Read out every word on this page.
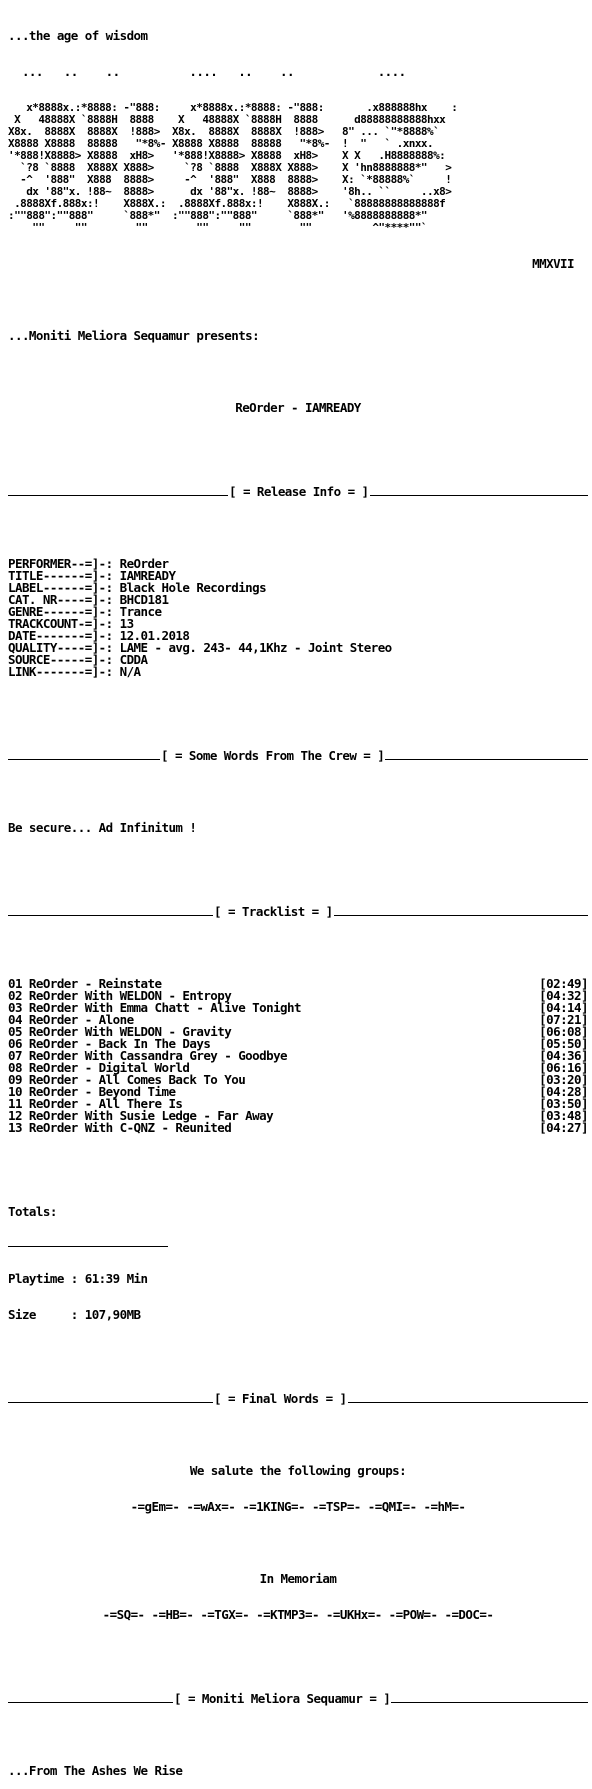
...the age of wisdom

...   ..    ..          ....   ..    ..            ....

x*8888x.:*8888: -"888:     x*8888x.:*8888: -"888:       .x888888hx    :
X   48888X `8888H  8888    X   48888X `8888H  8888      d88888888888hxx
X8x.  8888X  8888X  !888>  X8x.  8888X  8888X  !888>   8" ... `"*8888%`
X8888 X8888  88888   "*8%- X8888 X8888  88888   "*8%-  !  "   ` .xnxx.
'*888!X8888> X8888  xH8>   '*888!X8888> X8888  xH8>    X X   .H8888888%:
`?8 `8888  X888X X888>     `?8 `8888  X888X X888>    X 'hn8888888*"   >
-^  '888"  X888  8888>     -^  '888"  X888  8888>    X: `*88888%`     !
dx '88"x. !88~  8888>      dx '88"x. !88~  8888>    '8h.. ``     ..x8>
.8888Xf.888x:!    X888X.:  .8888Xf.888x:!    X888X.:   `88888888888888f
:""888":""888"     `888*"  :""888":""888"     `888*"   '%8888888888*"
""     ""        ""        ""     ""        ""          ^"****""`

MMXVII

...Moniti Meliora Sequamur presents:

ReOrder - IAMREADY

[ = Release Info = ]

PERFORMER--=]-: ReOrder
TITLE------=]-: IAMREADY
LABEL------=]-: Black Hole Recordings
CAT. NR----=]-: BHCD181
GENRE------=]-: Trance
TRACKCOUNT-=]-: 13
DATE-------=]-: 12.01.2018
QUALITY----=]-: LAME - avg. 243- 44,1Khz - Joint Stereo
SOURCE-----=]-: CDDA
LINK-------=]-: N/A

[ = Some Words From The Crew = ]

Be secure... Ad Infinitum !

[ = Tracklist = ]

01 ReOrder - Reinstate	[02:49]
02 ReOrder With WELDON - Entropy	[04:32]
03 ReOrder With Emma Chatt - Alive Tonight	[04:14]
04 ReOrder - Alone	[07:21]
05 ReOrder With WELDON - Gravity	[06:08]
06 ReOrder - Back In The Days	[05:50]
07 ReOrder With Cassandra Grey - Goodbye	[04:36]
08 ReOrder - Digital World	[06:16]
09 ReOrder - All Comes Back To You	[03:20]
10 ReOrder - Beyond Time	[04:28]
11 ReOrder - All There Is	[03:50]
12 ReOrder With Susie Ledge - Far Away	[03:48]
13 ReOrder With C-QNZ - Reunited	[04:27]

Totals:

Playtime : 61:39 Min

Size     : 107,90MB

[ = Final Words = ]

We salute the following groups:

-=gEm=- -=wAx=- -=1KING=- -=TSP=- -=QMI=- -=hM=-

In Memoriam

-=SQ=- -=HB=- -=TGX=- -=KTMP3=- -=UKHx=- -=POW=- -=DOC=-

[ = Moniti Meliora Sequamur = ]

...From The Ashes We Rise
